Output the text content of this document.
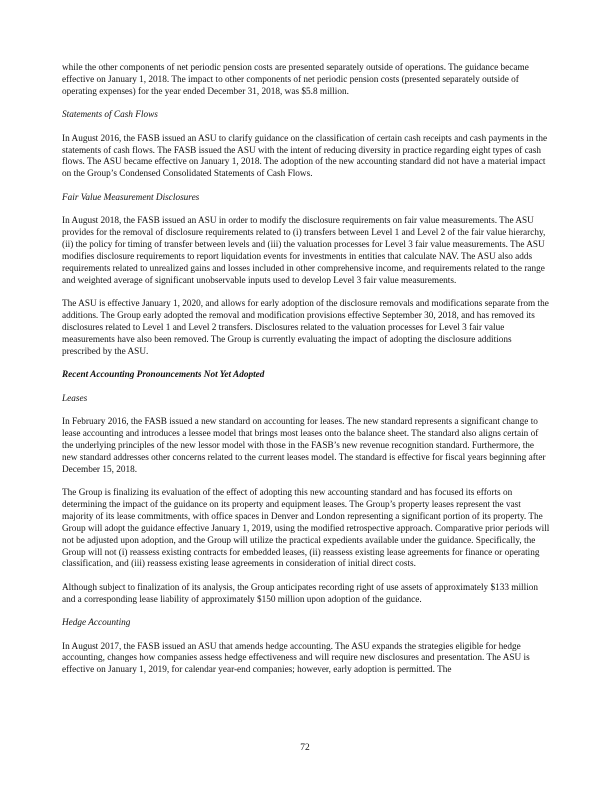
while the other components of net periodic pension costs are presented separately outside of operations. The guidance became effective on January 1, 2018. The impact to other components of net periodic pension costs (presented separately outside of operating expenses) for the year ended December 31, 2018, was $5.8 million.

Statements of Cash Flows

In August 2016, the FASB issued an ASU to clarify guidance on the classification of certain cash receipts and cash payments in the statements of cash flows. The FASB issued the ASU with the intent of reducing diversity in practice regarding eight types of cash flows. The ASU became effective on January 1, 2018. The adoption of the new accounting standard did not have a material impact on the Group’s Condensed Consolidated Statements of Cash Flows.

Fair Value Measurement Disclosures

In August 2018, the FASB issued an ASU in order to modify the disclosure requirements on fair value measurements. The ASU provides for the removal of disclosure requirements related to (i) transfers between Level 1 and Level 2 of the fair value hierarchy, (ii) the policy for timing of transfer between levels and (iii) the valuation processes for Level 3 fair value measurements. The ASU modifies disclosure requirements to report liquidation events for investments in entities that calculate NAV. The ASU also adds requirements related to unrealized gains and losses included in other comprehensive income, and requirements related to the range and weighted average of significant unobservable inputs used to develop Level 3 fair value measurements.

The ASU is effective January 1, 2020, and allows for early adoption of the disclosure removals and modifications separate from the additions. The Group early adopted the removal and modification provisions effective September 30, 2018, and has removed its disclosures related to Level 1 and Level 2 transfers. Disclosures related to the valuation processes for Level 3 fair value measurements have also been removed. The Group is currently evaluating the impact of adopting the disclosure additions prescribed by the ASU.

Recent Accounting Pronouncements Not Yet Adopted

Leases

In February 2016, the FASB issued a new standard on accounting for leases. The new standard represents a significant change to lease accounting and introduces a lessee model that brings most leases onto the balance sheet. The standard also aligns certain of the underlying principles of the new lessor model with those in the FASB’s new revenue recognition standard. Furthermore, the new standard addresses other concerns related to the current leases model. The standard is effective for fiscal years beginning after December 15, 2018.

The Group is finalizing its evaluation of the effect of adopting this new accounting standard and has focused its efforts on determining the impact of the guidance on its property and equipment leases. The Group’s property leases represent the vast majority of its lease commitments, with office spaces in Denver and London representing a significant portion of its property. The Group will adopt the guidance effective January 1, 2019, using the modified retrospective approach. Comparative prior periods will not be adjusted upon adoption, and the Group will utilize the practical expedients available under the guidance. Specifically, the Group will not (i) reassess existing contracts for embedded leases, (ii) reassess existing lease agreements for finance or operating classification, and (iii) reassess existing lease agreements in consideration of initial direct costs.

Although subject to finalization of its analysis, the Group anticipates recording right of use assets of approximately $133 million and a corresponding lease liability of approximately $150 million upon adoption of the guidance.

Hedge Accounting

In August 2017, the FASB issued an ASU that amends hedge accounting. The ASU expands the strategies eligible for hedge accounting, changes how companies assess hedge effectiveness and will require new disclosures and presentation. The ASU is effective on January 1, 2019, for calendar year-end companies; however, early adoption is permitted. The

72
